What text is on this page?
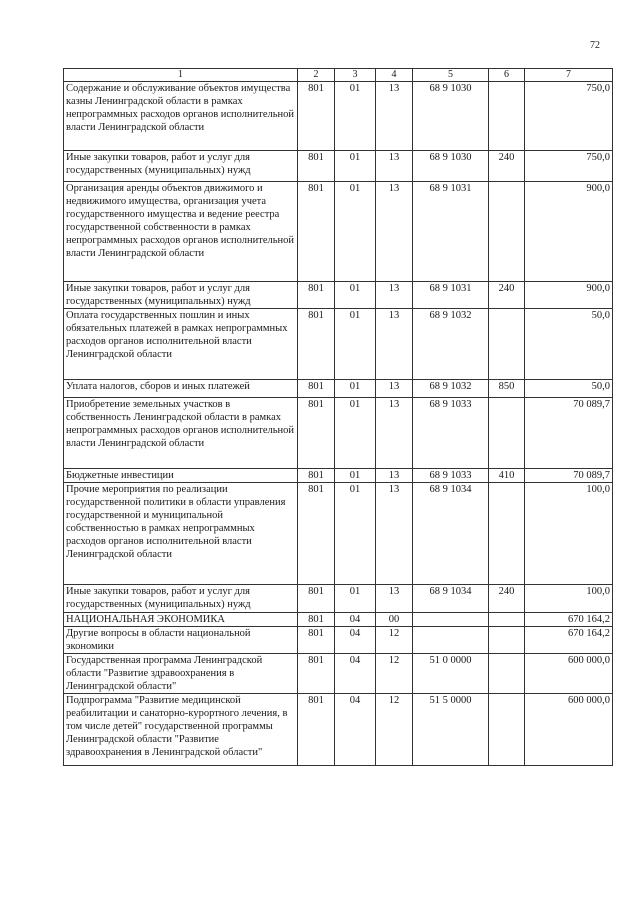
72
1	2	3	4	5	6	7
Содержание и обслуживание объектов имущества казны Ленинградской области в рамках непрограммных расходов органов исполнительной власти Ленинградской области	801	01	13	68 9 1030		750,0
Иные закупки товаров, работ и услуг для государственных (муниципальных) нужд	801	01	13	68 9 1030	240	750,0
Организация аренды объектов движимого и недвижимого имущества, организация учета государственного имущества и ведение реестра государственной собственности в рамках непрограммных расходов органов исполнительной власти Ленинградской области	801	01	13	68 9 1031		900,0
Иные закупки товаров, работ и услуг для государственных (муниципальных) нужд	801	01	13	68 9 1031	240	900,0
Оплата государственных пошлин и иных обязательных платежей в рамках непрограммных расходов органов исполнительной власти Ленинградской области	801	01	13	68 9 1032		50,0
Уплата налогов, сборов и иных платежей	801	01	13	68 9 1032	850	50,0
Приобретение земельных участков в собственность Ленинградской области в рамках непрограммных расходов органов исполнительной власти Ленинградской области	801	01	13	68 9 1033		70 089,7
Бюджетные инвестиции	801	01	13	68 9 1033	410	70 089,7
Прочие мероприятия по реализации государственной политики в области управления государственной и муниципальной собственностью в рамках непрограммных расходов органов исполнительной власти Ленинградской области	801	01	13	68 9 1034		100,0
Иные закупки товаров, работ и услуг для государственных (муниципальных) нужд	801	01	13	68 9 1034	240	100,0
НАЦИОНАЛЬНАЯ ЭКОНОМИКА	801	04	00			670 164,2
Другие вопросы в области национальной экономики	801	04	12			670 164,2
Государственная программа Ленинградской области "Развитие здравоохранения в Ленинградской области"	801	04	12	51 0 0000		600 000,0
Подпрограмма "Развитие медицинской реабилитации и санаторно-курортного лечения, в том числе детей" государственной программы Ленинградской области "Развитие здравоохранения в Ленинградской области"	801	04	12	51 5 0000		600 000,0
